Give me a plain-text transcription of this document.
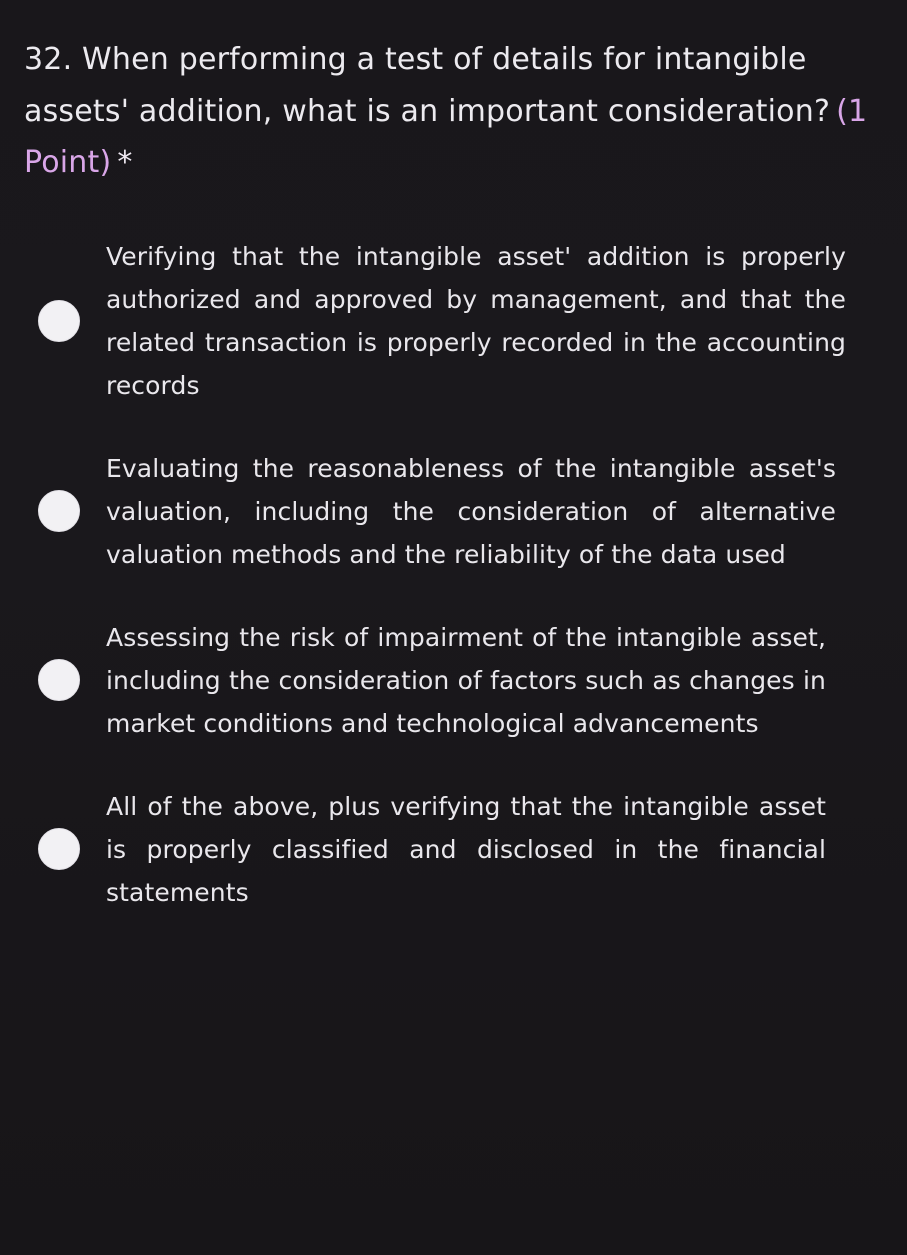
32. When performing a test of details for intangible assets' addition, what is an important consideration? (1 Point) *
Verifying that the intangible asset' addition is properly authorized and approved by management, and that the related transaction is properly recorded in the accounting records
Evaluating the reasonableness of the intangible asset's valuation, including the consideration of alternative valuation methods and the reliability of the data used
Assessing the risk of impairment of the intangible asset, including the consideration of factors such as changes in market conditions and technological advancements
All of the above, plus verifying that the intangible asset is properly classified and disclosed in the financial statements
